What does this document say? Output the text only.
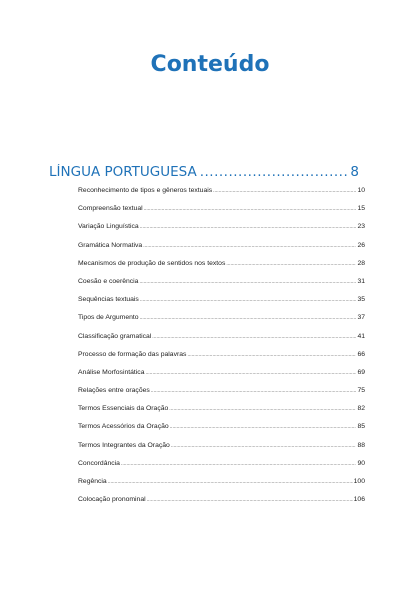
Conteúdo
LÍNGUA PORTUGUESA .....	8
Reconhecimento de tipos e gêneros textuais .....	10
Compreensão textual .....	15
Variação Linguística .....	23
Gramática Normativa .....	26
Mecanismos de produção de sentidos nos textos .....	28
Coesão e coerência .....	31
Sequências textuais .....	35
Tipos de Argumento .....	37
Classificação gramatical .....	41
Processo de formação das palavras .....	66
Análise Morfosintática .....	69
Relações entre orações .....	75
Termos Essenciais da Oração .....	82
Termos Acessórios da Oração .....	85
Termos Integrantes da Oração .....	88
Concordância .....	90
Regência .....	100
Colocação pronominal .....	106
